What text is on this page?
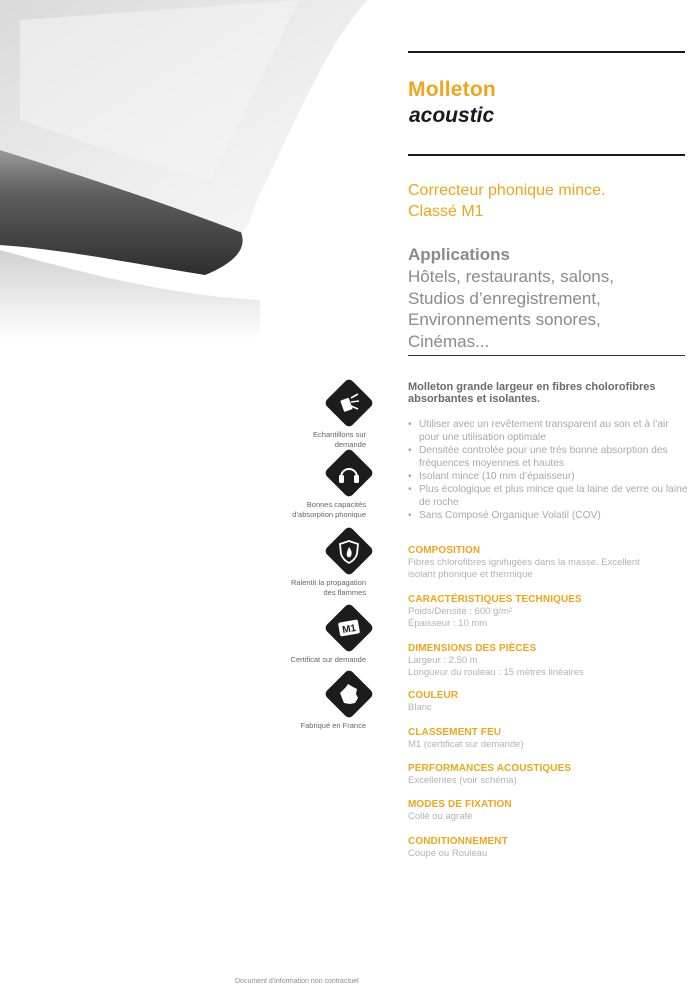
Molleton
acoustic
Correcteur phonique mince.
Classé M1
Applications
Hôtels, restaurants, salons,
Studios d’enregistrement,
Environnements sonores,
Cinémas...
Molleton grande largeur en fibres cholorofibres absorbantes et isolantes.
• Utiliser avec un revêtement transparent au son et à l’air pour une utilisation optimale
• Densitée controlée pour une très bonne absorption des fréquences moyennes et hautes
• Isolant mince (10 mm d’épaisseur)
• Plus écologique et plus mince que la laine de verre ou laine de roche
• Sans Composé Organique Volatil (COV)
COMPOSITION

Fibres chlorofibres ignifugées dans la masse. Excellent isolant phonique et thermique

CARACTÉRISTIQUES TECHNIQUES

Poids/Densité : 600 g/m²

Épaisseur : 10 mm

DIMENSIONS DES PIÈCES

Largeur : 2.50 m

Longueur du rouleau : 15 mètres linéaires

COULEUR

Blanc

CLASSEMENT FEU

M1 (certificat sur demande)

PERFORMANCES ACOUSTIQUES

Excellentes (voir schéma)

MODES DE FIXATION

Collé ou agrafé

CONDITIONNEMENT

Coupé ou Rouleau

Echantillons sur demande
Bonnes capacités
d’absorption phonique
Ralentit la propagation
des flammes
M1
Certificat sur demande
Fabriqué en France
Document d’information non contractuel
